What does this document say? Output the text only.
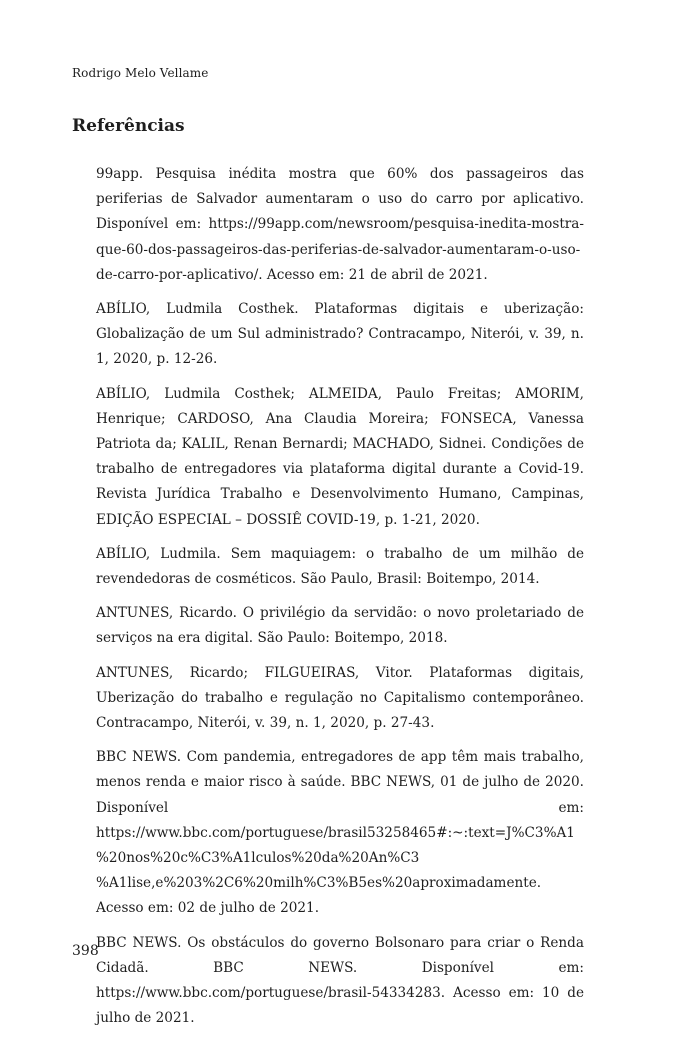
Rodrigo Melo Vellame
Referências

99app. Pesquisa inédita mostra que 60% dos passageiros das periferias de Salvador aumentaram o uso do carro por aplicativo. Disponível em: https://99app.com/newsroom/pesquisa-inedita-mostra-que-60-dos-passageiros-das-periferias-de-salvador-aumentaram-o-uso-de-carro-por-aplicativo/. Acesso em: 21 de abril de 2021.

ABÍLIO, Ludmila Costhek. Plataformas digitais e uberização: Globalização de um Sul administrado? Contracampo, Niterói, v. 39, n. 1, 2020, p. 12-26.

ABÍLIO, Ludmila Costhek; ALMEIDA, Paulo Freitas; AMORIM, Henrique; CARDOSO, Ana Claudia Moreira; FONSECA, Vanessa Patriota da; KALIL, Renan Bernardi; MACHADO, Sidnei. Condições de trabalho de entregadores via plataforma digital durante a Covid-19. Revista Jurídica Trabalho e Desenvolvimento Humano, Campinas, EDIÇÃO ESPECIAL – DOSSIÊ COVID-19, p. 1-21, 2020.

ABÍLIO, Ludmila. Sem maquiagem: o trabalho de um milhão de revendedoras de cosméticos. São Paulo, Brasil: Boitempo, 2014.

ANTUNES, Ricardo. O privilégio da servidão: o novo proletariado de serviços na era digital. São Paulo: Boitempo, 2018.

ANTUNES, Ricardo; FILGUEIRAS, Vitor. Plataformas digitais, Uberização do trabalho e regulação no Capitalismo contemporâneo. Contracampo, Niterói, v. 39, n. 1, 2020, p. 27-43.

BBC NEWS. Com pandemia, entregadores de app têm mais trabalho, menos renda e maior risco à saúde. BBC NEWS, 01 de julho de 2020. Disponível em: https://www.bbc.com/portuguese/brasil53258465#:~:text=J%C3%A1%20nos%20c%C3%A1lculos%20da%20An%C3 %A1lise,e%203%2C6%20milh%C3%B5es%20aproximadamente. Acesso em: 02 de julho de 2021.

BBC NEWS. Os obstáculos do governo Bolsonaro para criar o Renda Cidadã. BBC NEWS. Disponível em: https://www.bbc.com/portuguese/brasil-54334283. Acesso em: 10 de julho de 2021.

398
